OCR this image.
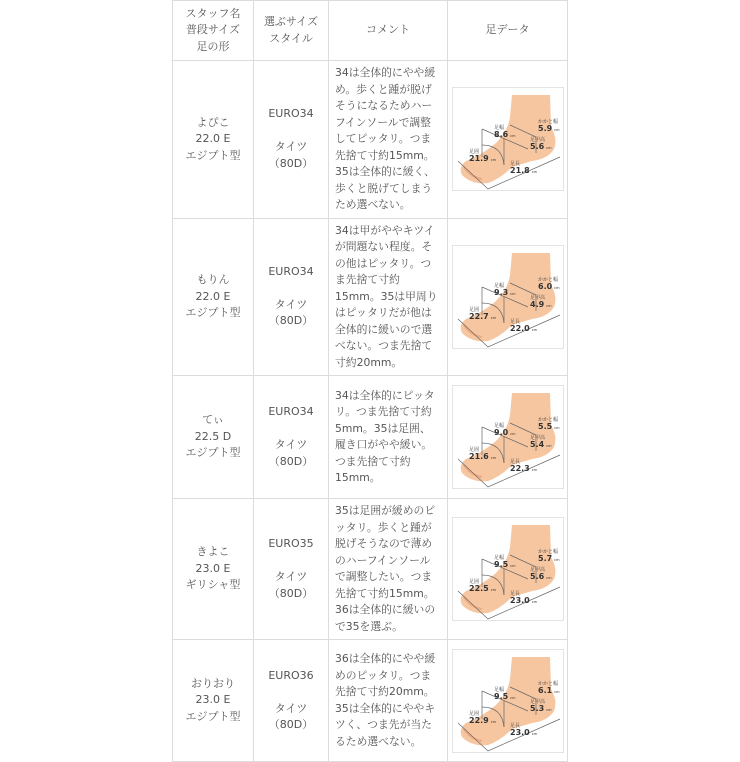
スタッフ名
普段サイズ
足の形	選ぶサイズ
スタイル	コメント	足データ
よぴこ
22.0 E
エジプト型	EURO34

タイツ
（80D）	34は全体的にやや緩
め。歩くと踵が脱げ
そうになるためハー
フインソールで調整
してピッタリ。つま
先捨て寸約15mm。
35は全体的に緩く、
歩くと脱げてしまう
ため選べない。	
足幅
8.6 cm
かかと幅
5.9 cm
足甲高
5.6 cm
足囲
21.9 cm
足長
21.8 cm

もりん
22.0 E
エジプト型	EURO34

タイツ
（80D）	34は甲がややキツイ
が問題ない程度。そ
の他はピッタリ。つ
ま先捨て寸約
15mm。35は甲周り
はピッタリだが他は
全体的に緩いので選
べない。つま先捨て
寸約20mm。	
足幅
9.3 cm
かかと幅
6.0 cm
足甲高
4.9 cm
足囲
22.7 cm
足長
22.0 cm

てぃ
22.5 D
エジプト型	EURO34

タイツ
（80D）	34は全体的にピッタ
リ。つま先捨て寸約
5mm。35は足囲、
履き口がやや緩い。
つま先捨て寸約
15mm。	
足幅
9.0 cm
かかと幅
5.5 cm
足甲高
5.4 cm
足囲
21.6 cm
足長
22.3 cm

きよこ
23.0 E
ギリシャ型	EURO35

タイツ
（80D）	35は足囲が緩めのピ
ッタリ。歩くと踵が
脱げそうなので薄め
のハーフインソール
で調整したい。つま
先捨て寸約15mm。
36は全体的に緩いの
で35を選ぶ。	
足幅
9.5 cm
かかと幅
5.7 cm
足甲高
5.6 cm
足囲
22.5 cm
足長
23.0 cm

おりおり
23.0 E
エジプト型	EURO36

タイツ
（80D）	36は全体的にやや緩
めのピッタリ。つま
先捨て寸約20mm。
35は全体的にややキ
ツく、つま先が当た
るため選べない。	
足幅
9.5 cm
かかと幅
6.1 cm
足甲高
5.3 cm
足囲
22.9 cm
足長
23.0 cm
